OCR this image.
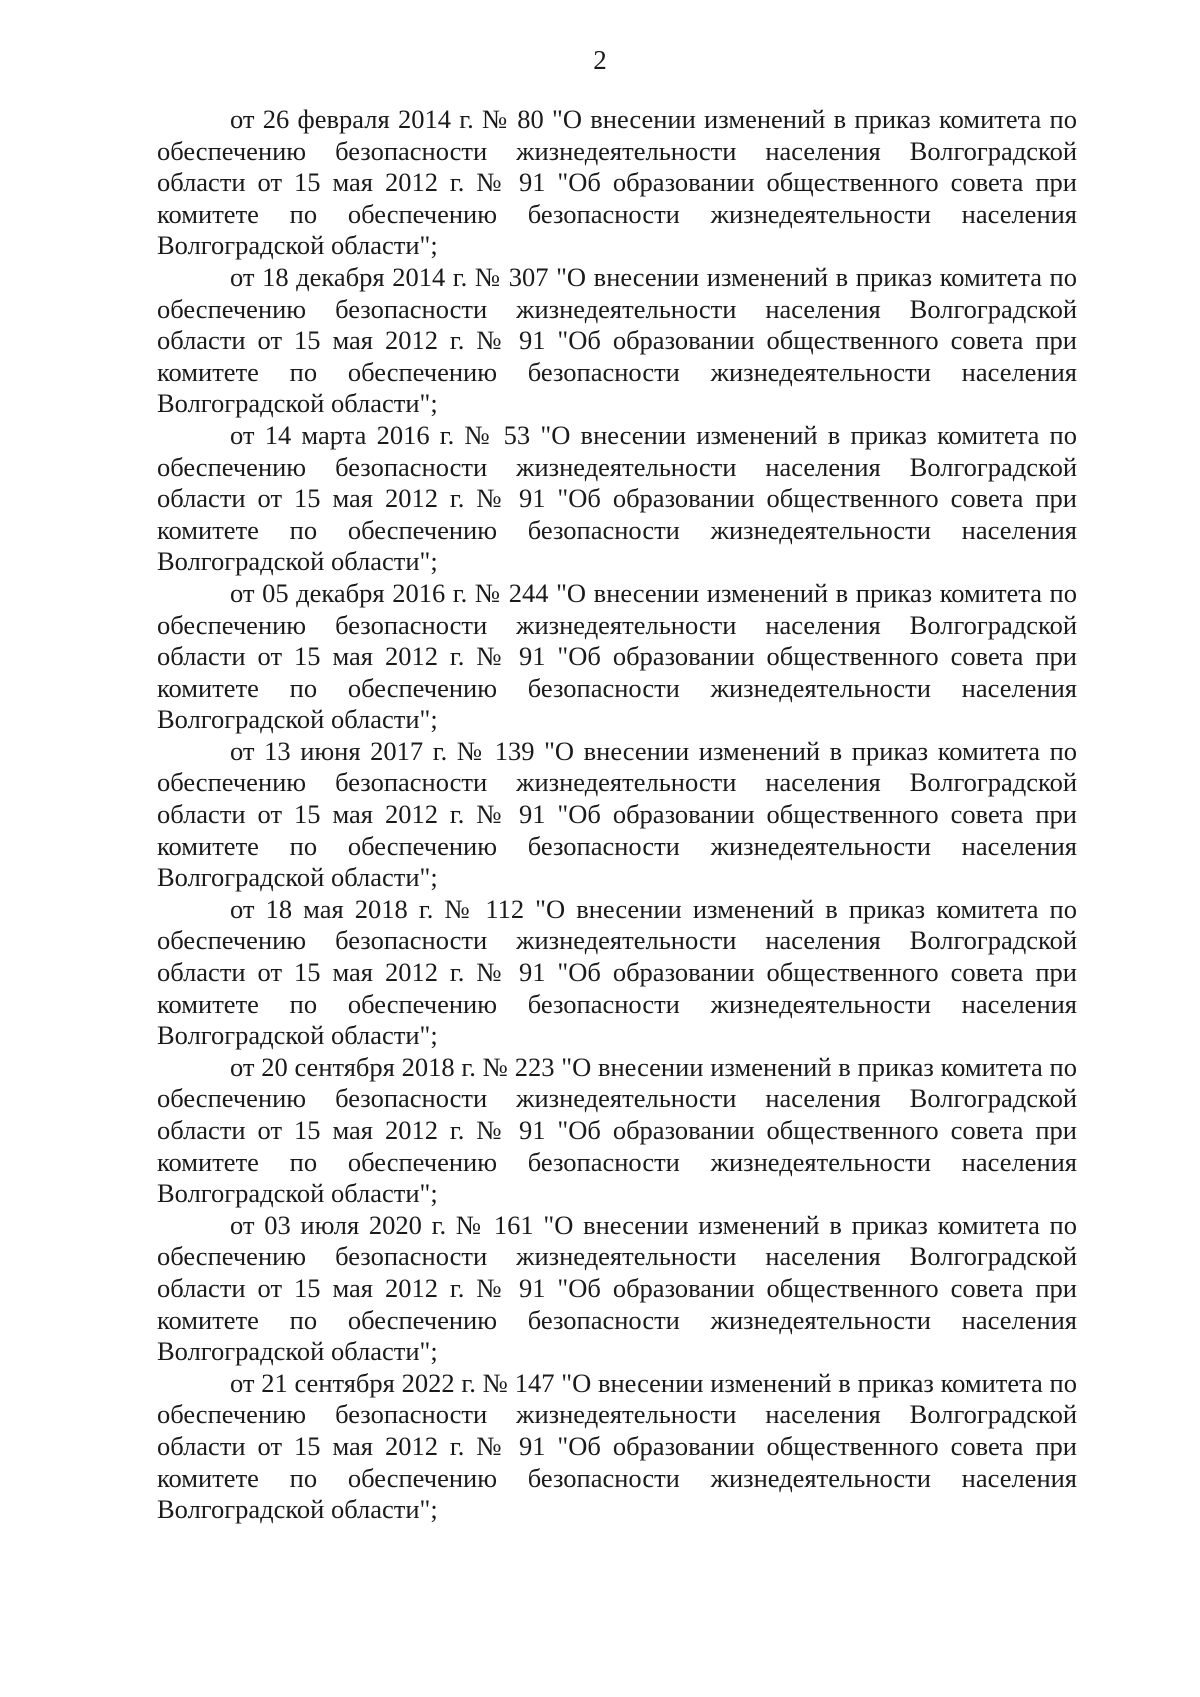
2

от 26 февраля 2014 г. № 80 "О внесении изменений в приказ комитета по обеспечению безопасности жизнедеятельности населения Волгоградской области от 15 мая 2012 г. № 91 "Об образовании общественного совета при комитете по обеспечению безопасности жизнедеятельности населения Волгоградской области";

от 18 декабря 2014 г. № 307 "О внесении изменений в приказ комитета по обеспечению безопасности жизнедеятельности населения Волгоградской области от 15 мая 2012 г. № 91 "Об образовании общественного совета при комитете по обеспечению безопасности жизнедеятельности населения Волгоградской области";

от 14 марта 2016 г. № 53 "О внесении изменений в приказ комитета по обеспечению безопасности жизнедеятельности населения Волгоградской области от 15 мая 2012 г. № 91 "Об образовании общественного совета при комитете по обеспечению безопасности жизнедеятельности населения Волгоградской области";

от 05 декабря 2016 г. № 244 "О внесении изменений в приказ комитета по обеспечению безопасности жизнедеятельности населения Волгоградской области от 15 мая 2012 г. № 91 "Об образовании общественного совета при комитете по обеспечению безопасности жизнедеятельности населения Волгоградской области";

от 13 июня 2017 г. № 139 "О внесении изменений в приказ комитета по обеспечению безопасности жизнедеятельности населения Волгоградской области от 15 мая 2012 г. № 91 "Об образовании общественного совета при комитете по обеспечению безопасности жизнедеятельности населения Волгоградской области";

от 18 мая 2018 г. № 112 "О внесении изменений в приказ комитета по обеспечению безопасности жизнедеятельности населения Волгоградской области от 15 мая 2012 г. № 91 "Об образовании общественного совета при комитете по обеспечению безопасности жизнедеятельности населения Волгоградской области";

от 20 сентября 2018 г. № 223 "О внесении изменений в приказ комитета по обеспечению безопасности жизнедеятельности населения Волгоградской области от 15 мая 2012 г. № 91 "Об образовании общественного совета при комитете по обеспечению безопасности жизнедеятельности населения Волгоградской области";

от 03 июля 2020 г. № 161 "О внесении изменений в приказ комитета по обеспечению безопасности жизнедеятельности населения Волгоградской области от 15 мая 2012 г. № 91 "Об образовании общественного совета при комитете по обеспечению безопасности жизнедеятельности населения Волгоградской области";

от 21 сентября 2022 г. № 147 "О внесении изменений в приказ комитета по обеспечению безопасности жизнедеятельности населения Волгоградской области от 15 мая 2012 г. № 91 "Об образовании общественного совета при комитете по обеспечению безопасности жизнедеятельности населения Волгоградской области";
